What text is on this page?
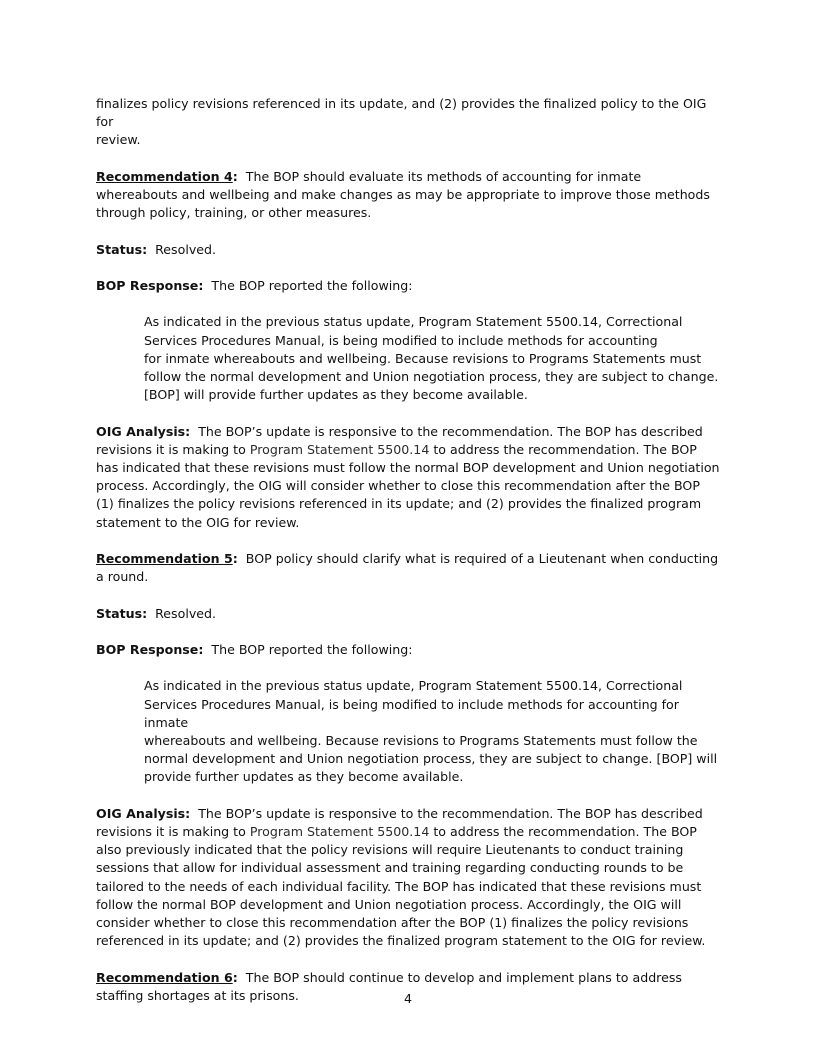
finalizes policy revisions referenced in its update, and (2) provides the finalized policy to the OIG for
review.

Recommendation 4: The BOP should evaluate its methods of accounting for inmate whereabouts and wellbeing and make changes as may be appropriate to improve those methods through policy, training, or other measures.

Status: Resolved.

BOP Response: The BOP reported the following:

As indicated in the previous status update, Program Statement 5500.14, Correctional
Services Procedures Manual, is being modified to include methods for accounting
for inmate whereabouts and wellbeing. Because revisions to Programs Statements must
follow the normal development and Union negotiation process, they are subject to change.
[BOP] will provide further updates as they become available.

OIG Analysis: The BOP’s update is responsive to the recommendation. The BOP has described revisions it is making to Program Statement 5500.14 to address the recommendation. The BOP has indicated that these revisions must follow the normal BOP development and Union negotiation process. Accordingly, the OIG will consider whether to close this recommendation after the BOP (1) finalizes the policy revisions referenced in its update; and (2) provides the finalized program statement to the OIG for review.

Recommendation 5: BOP policy should clarify what is required of a Lieutenant when conducting a round.

Status: Resolved.

BOP Response: The BOP reported the following:

As indicated in the previous status update, Program Statement 5500.14, Correctional
Services Procedures Manual, is being modified to include methods for accounting for inmate
whereabouts and wellbeing. Because revisions to Programs Statements must follow the
normal development and Union negotiation process, they are subject to change. [BOP] will
provide further updates as they become available.

OIG Analysis: The BOP’s update is responsive to the recommendation. The BOP has described revisions it is making to Program Statement 5500.14 to address the recommendation. The BOP also previously indicated that the policy revisions will require Lieutenants to conduct training sessions that allow for individual assessment and training regarding conducting rounds to be tailored to the needs of each individual facility. The BOP has indicated that these revisions must follow the normal BOP development and Union negotiation process. Accordingly, the OIG will consider whether to close this recommendation after the BOP (1) finalizes the policy revisions referenced in its update; and (2) provides the finalized program statement to the OIG for review.

Recommendation 6: The BOP should continue to develop and implement plans to address staffing shortages at its prisons.	4
